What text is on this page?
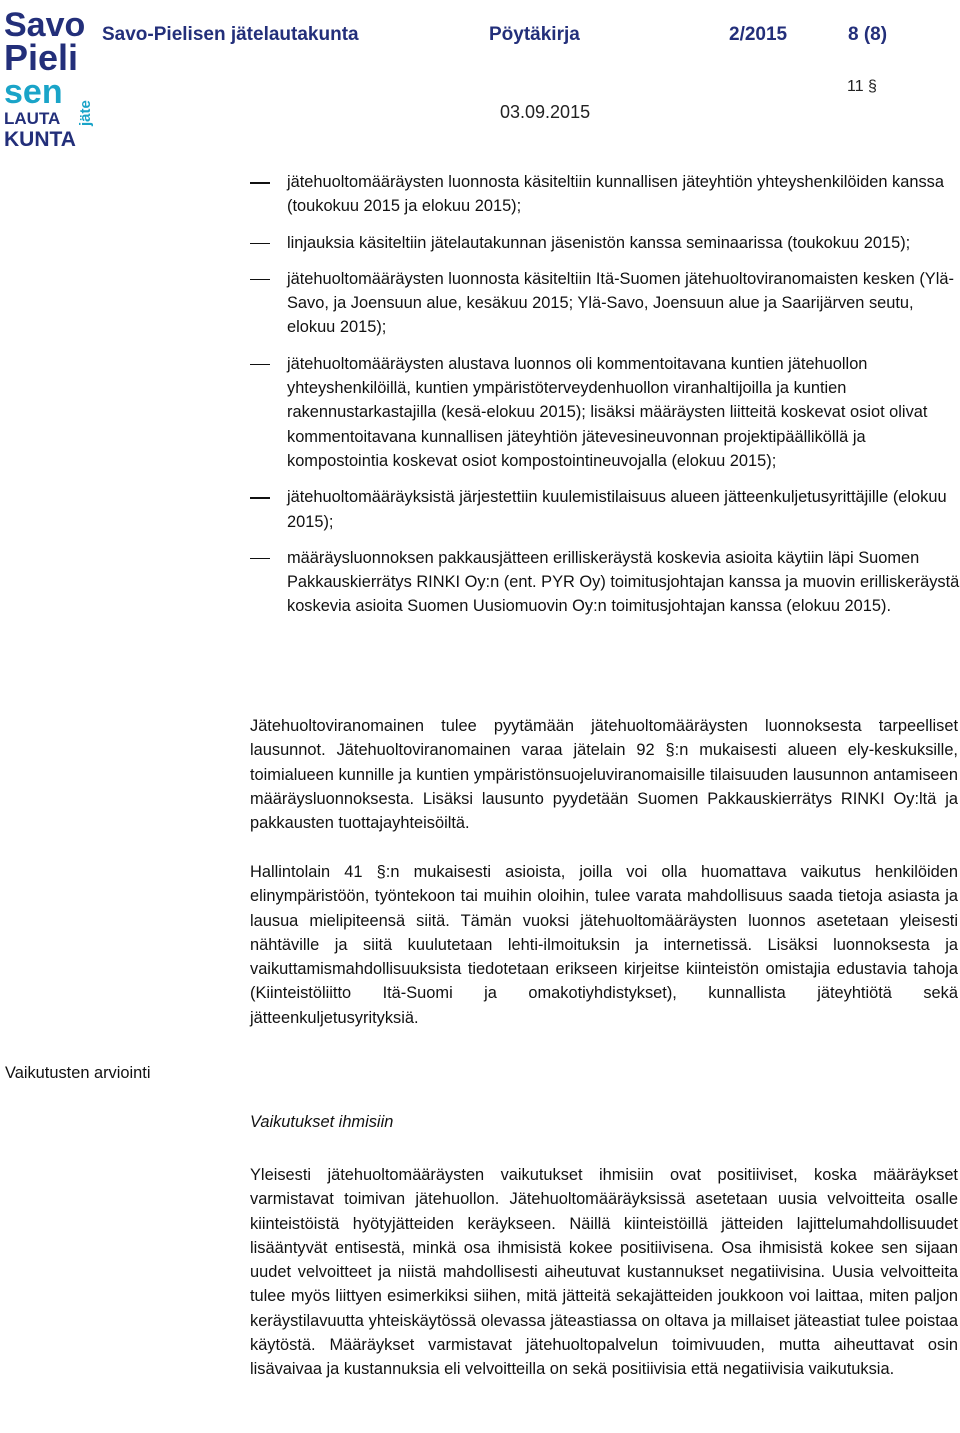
Savo
Pieli
sen
LAUTA
KUNTA
jäte
Savo-Pielisen jätelautakunta	Pöytäkirja	2/2015	8 (8)
11 §
03.09.2015
jätehuoltomääräysten luonnosta käsiteltiin kunnallisen jäteyhtiön yhteyshenkilöiden kanssa (toukokuu 2015 ja elokuu 2015);
linjauksia käsiteltiin jätelautakunnan jäsenistön kanssa seminaarissa (toukokuu 2015);
jätehuoltomääräysten luonnosta käsiteltiin Itä-Suomen jätehuoltoviranomaisten kesken (Ylä-Savo, ja Joensuun alue, kesäkuu 2015; Ylä-Savo, Joensuun alue ja Saarijärven seutu, elokuu 2015);
jätehuoltomääräysten alustava luonnos oli kommentoitavana kuntien jätehuollon yhteyshenkilöillä, kuntien ympäristöterveydenhuollon viranhaltijoilla ja kuntien rakennustarkastajilla (kesä-elokuu 2015); lisäksi määräysten liitteitä koskevat osiot olivat kommentoitavana kunnallisen jäteyhtiön jätevesineuvonnan projektipäälliköllä ja kompostointia koskevat osiot kompostointineuvojalla (elokuu 2015);
jätehuoltomääräyksistä järjestettiin kuulemistilaisuus alueen jätteenkuljetusyrittäjille (elokuu 2015);
määräysluonnoksen pakkausjätteen erilliskeräystä koskevia asioita käytiin läpi Suomen Pakkauskierrätys RINKI Oy:n (ent. PYR Oy) toimitusjohtajan kanssa ja muovin erilliskeräystä koskevia asioita Suomen Uusiomuovin Oy:n toimitusjohtajan kanssa (elokuu 2015).

Jätehuoltoviranomainen tulee pyytämään jätehuoltomääräysten luonnoksesta tarpeelliset lausunnot. Jätehuoltoviranomainen varaa jätelain 92 §:n mukaisesti alueen ely-keskuksille, toimialueen kunnille ja kuntien ympäristönsuojeluviranomaisille tilaisuuden lausunnon antamiseen määräysluonnoksesta. Lisäksi lausunto pyydetään Suomen Pakkauskierrätys RINKI Oy:ltä ja pakkausten tuottajayhteisöiltä.

Hallintolain 41 §:n mukaisesti asioista, joilla voi olla huomattava vaikutus henkilöiden elinympäristöön, työntekoon tai muihin oloihin, tulee varata mahdollisuus saada tietoja asiasta ja lausua mielipiteensä siitä. Tämän vuoksi jätehuoltomääräysten luonnos asetetaan yleisesti nähtäville ja siitä kuulutetaan lehti-ilmoituksin ja internetissä. Lisäksi luonnoksesta ja vaikuttamismahdollisuuksista tiedotetaan erikseen kirjeitse kiinteistön omistajia edustavia tahoja (Kiinteistöliitto Itä-Suomi ja omakotiyhdistykset), kunnallista jäteyhtiötä sekä jätteenkuljetusyrityksiä.

Vaikutusten arviointi
Vaikutukset ihmisiin

Yleisesti jätehuoltomääräysten vaikutukset ihmisiin ovat positiiviset, koska määräykset varmistavat toimivan jätehuollon. Jätehuoltomääräyksissä asetetaan uusia velvoitteita osalle kiinteistöistä hyötyjätteiden keräykseen. Näillä kiinteistöillä jätteiden lajittelumahdollisuudet lisääntyvät entisestä, minkä osa ihmisistä kokee positiivisena. Osa ihmisistä kokee sen sijaan uudet velvoitteet ja niistä mahdollisesti aiheutuvat kustannukset negatiivisina. Uusia velvoitteita tulee myös liittyen esimerkiksi siihen, mitä jätteitä sekajätteiden joukkoon voi laittaa, miten paljon keräystilavuutta yhteiskäytössä olevassa jäteastiassa on oltava ja millaiset jäteastiat tulee poistaa käytöstä. Määräykset varmistavat jätehuoltopalvelun toimivuuden, mutta aiheuttavat osin lisävaivaa ja kustannuksia eli velvoitteilla on sekä positiivisia että negatiivisia vaikutuksia.
